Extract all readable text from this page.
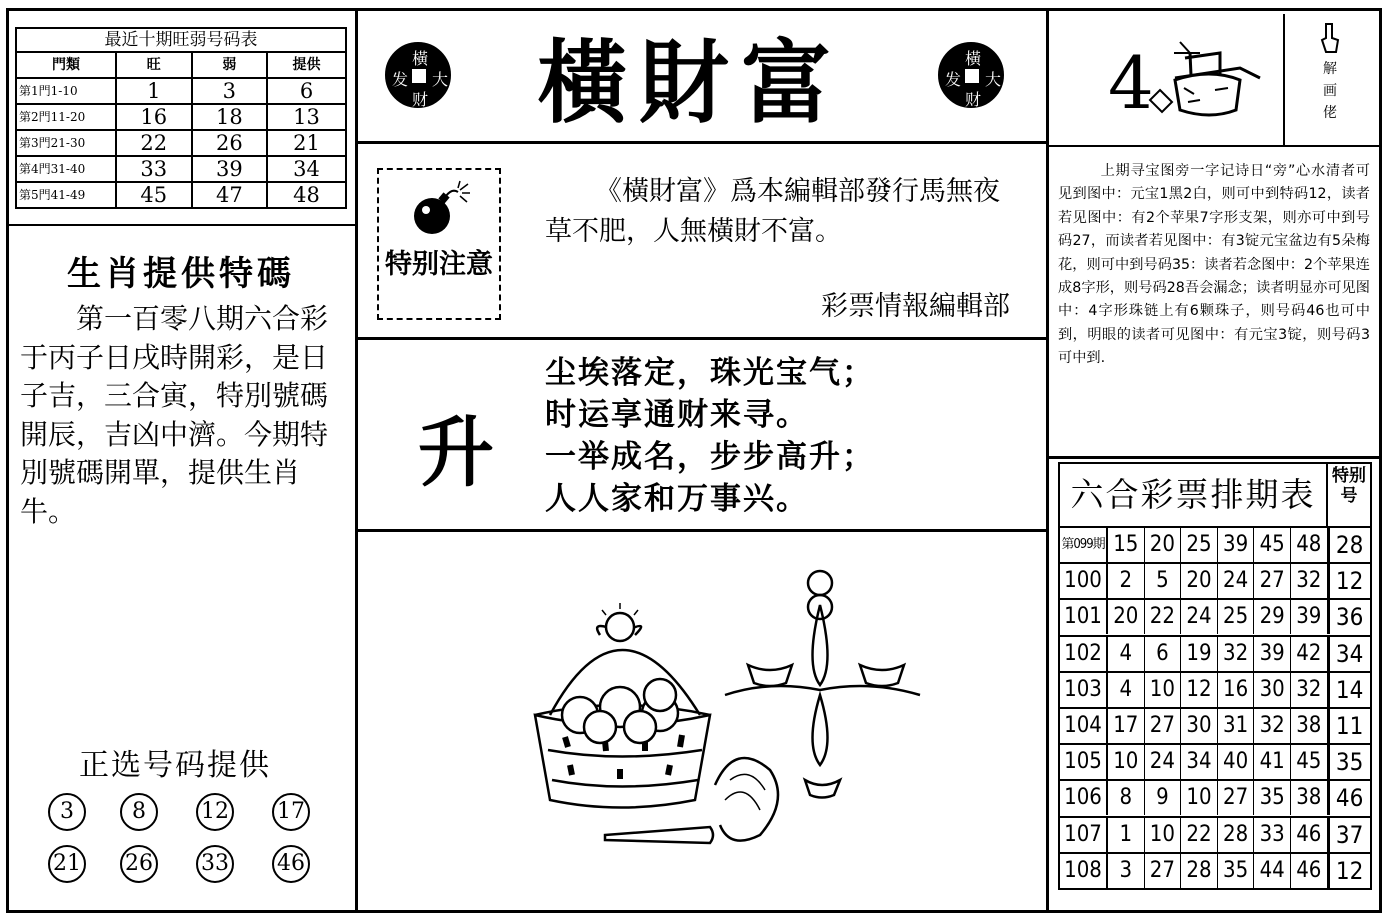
最近十期旺弱号码表			
門類	旺	弱	提供
第1門1-10	1	3	6
第2門11-20	16	18	13
第3門21-30	22	26	21
第4門31-40	33	39	34
第5門41-49	45	47	48
生肖提供特碼
第一百零八期六合彩于丙子日戌時開彩，是日子吉，三合寅，特別號碼開辰，吉凶中濟。今期特別號碼開單，提供生肖牛。
正选号码提供
3	8	12 17
21 26 33 46
橫
发 大
财	橫財富	橫
发 大
财
特别注意
《橫財富》爲本編輯部發行馬無夜草不肥，人無橫財不富。
彩票情報編輯部
升
尘埃落定，珠光宝气；
时运享通财来寻。
一举成名，步步高升；
人人家和万事兴。
4	解
画
佬
上期寻宝图旁一字记诗日“旁”心水清者可见到图中：元宝1黑2白，则可中到特码12，读者若见图中：有2个苹果7字形支架，则亦可中到号码27，而读者若见图中：有3锭元宝盆边有5朵梅花，则可中到号码35：读者若念图中：2个苹果连成8字形，则号码28吾会漏念；读者明显亦可见图中：4字形珠链上有6颗珠子，则号码46也可中到，明眼的读者可见图中：有元宝3锭，则号码3可中到.
六合彩票排期表 特别号
第099期 15 20 25 39 45 48 28
100 2	5 20 24 27 32 12
101 20 22 24 25 29 39 36
102 4	6 19 32 39 42 34
103 4 10 12 16 30 32 14
104 17 27 30 31 32 38 11
105 10 24 34 40 41 45 35
106 8	9 10 27 35 38 46
107 1 10 22 28 33 46 37
108 3 27 28 35 44 46 12
